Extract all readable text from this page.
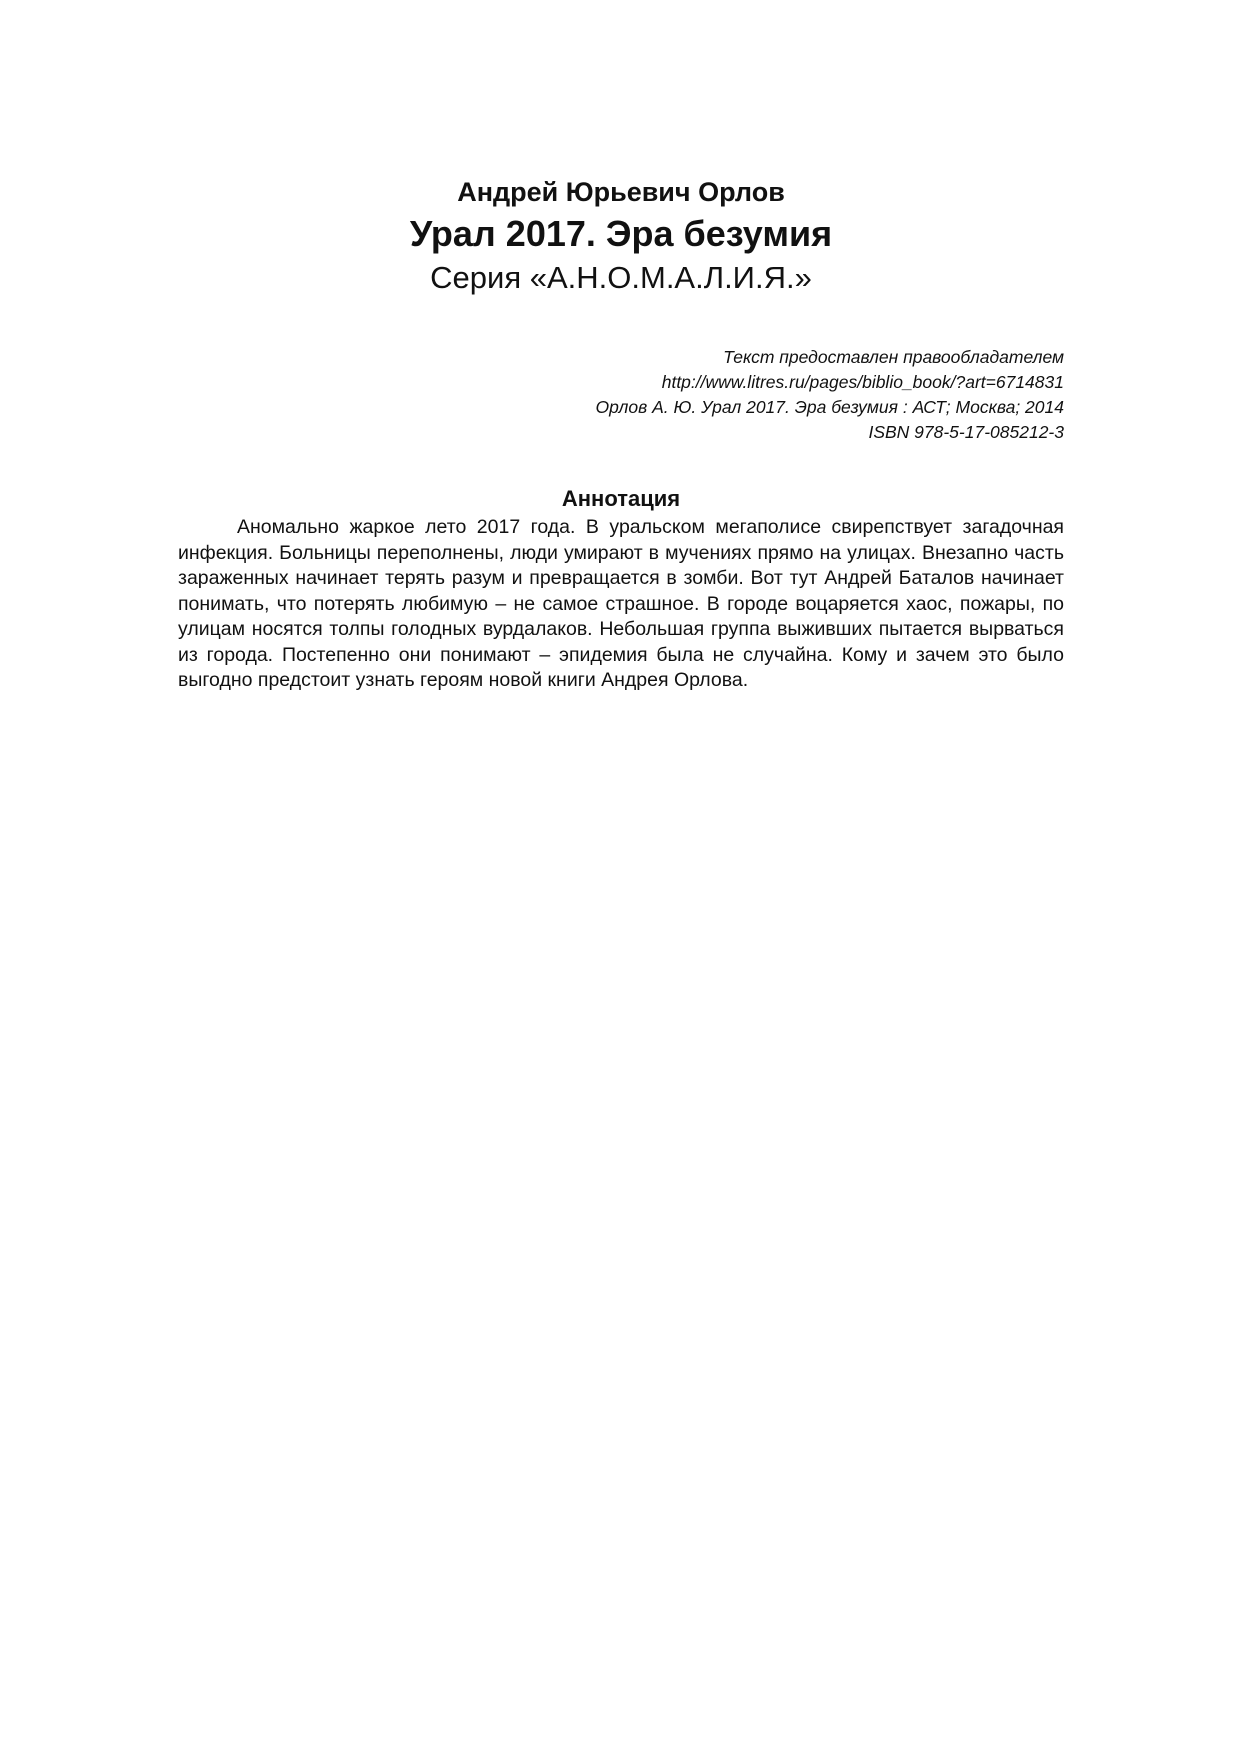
Андрей Юрьевич Орлов
Урал 2017. Эра безумия
Серия «А.Н.О.М.А.Л.И.Я.»
Текст предоставлен правообладателем
http://www.litres.ru/pages/biblio_book/?art=6714831
Орлов А. Ю. Урал 2017. Эра безумия : АСТ; Москва; 2014
ISBN 978-5-17-085212-3
Аннотация

Аномально жаркое лето 2017 года. В уральском мегаполисе свирепствует загадочная инфекция. Больницы переполнены, люди умирают в мучениях прямо на улицах. Внезапно часть зараженных начинает терять разум и превращается в зомби. Вот тут Андрей Баталов начинает понимать, что потерять любимую – не самое страшное. В городе воцаряется хаос, пожары, по улицам носятся толпы голодных вурдалаков. Небольшая группа выживших пытается вырваться из города. Постепенно они понимают – эпидемия была не случайна. Кому и зачем это было выгодно предстоит узнать героям новой книги Андрея Орлова.
